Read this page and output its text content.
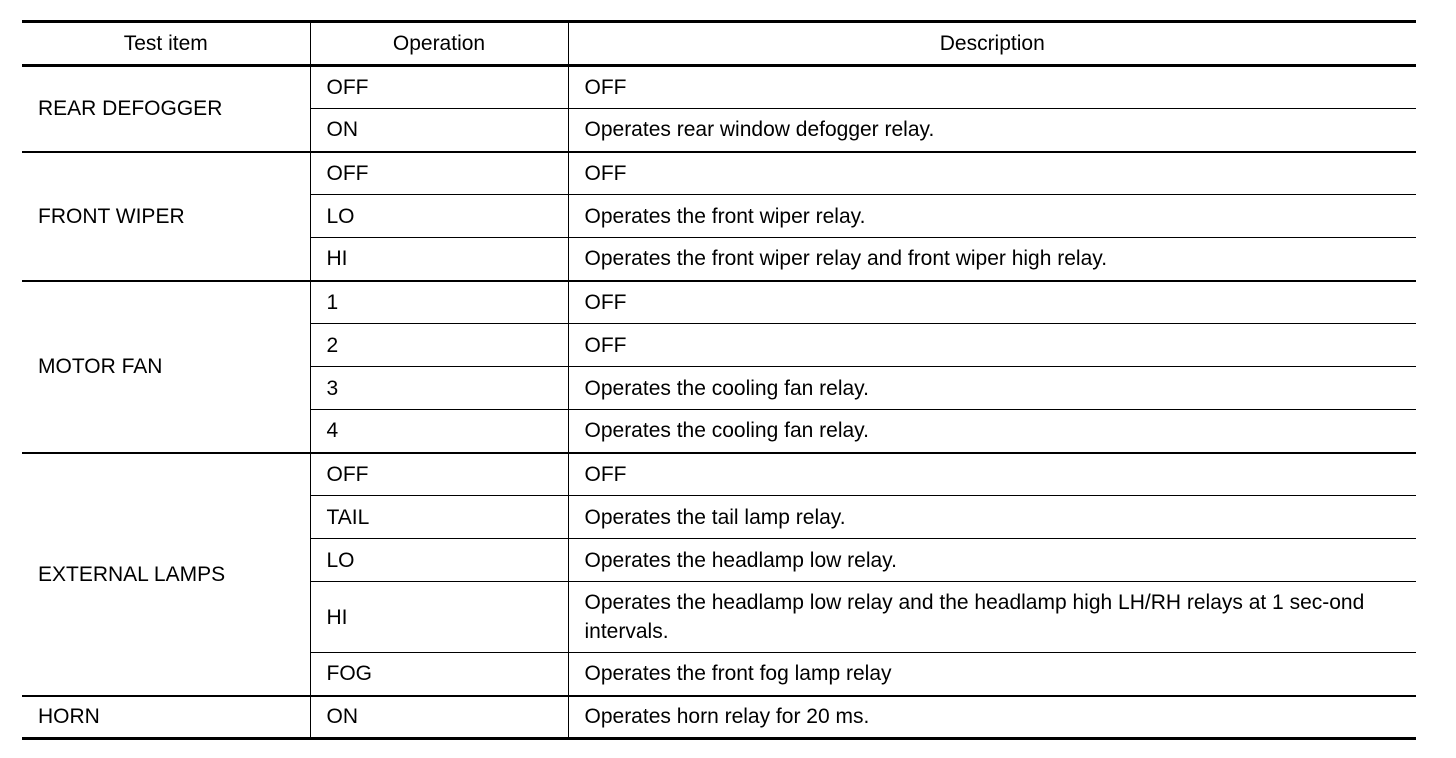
Test item	Operation	Description
REAR DEFOGGER	OFF	OFF
	ON	Operates rear window defogger relay.
FRONT WIPER	OFF	OFF
	LO	Operates the front wiper relay.
	HI	Operates the front wiper relay and front wiper high relay.
MOTOR FAN	1	OFF
	2	OFF
	3	Operates the cooling fan relay.
	4	Operates the cooling fan relay.
EXTERNAL LAMPS	OFF	OFF
	TAIL	Operates the tail lamp relay.
	LO	Operates the headlamp low relay.
	HI	Operates the headlamp low relay and the headlamp high LH/RH relays at 1 sec-ond intervals.
	FOG	Operates the front fog lamp relay
HORN	ON	Operates horn relay for 20 ms.
